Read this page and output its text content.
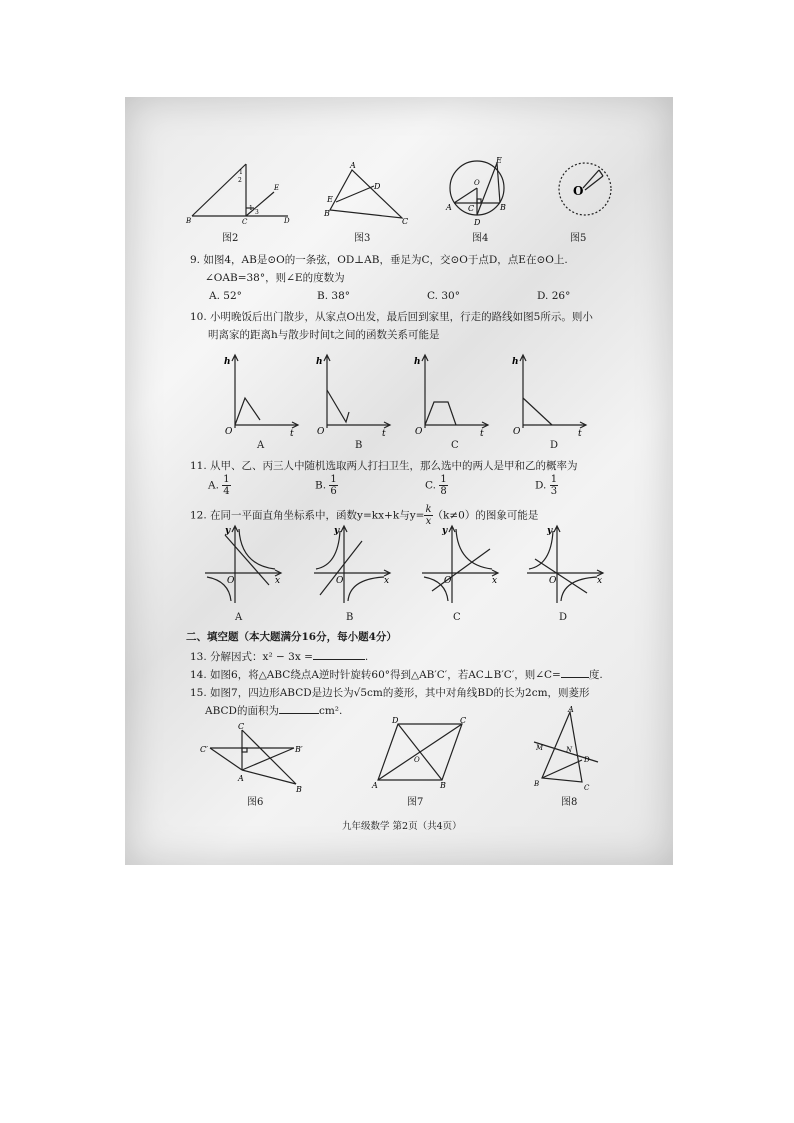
B	C	D
E
1
2
1
3
图2
A
B
C
E
D
图3
E
O
A C	B
D
图4
O
图5
9. 如图4，AB是⊙O的一条弦，OD⊥AB，垂足为C，交⊙O于点D，点E在⊙O上.
∠OAB=38°，则∠E的度数为
A. 52°	B. 38°	C. 30°	D. 26°
10. 小明晚饭后出门散步，从家点O出发，最后回到家里，行走的路线如图5所示。则小
明离家的距离h与散步时间t之间的函数关系可能是
h
O	t
A
h
O	t
B
h
O	t
C
h
O	t
D
11. 从甲、乙、丙三人中随机选取两人打扫卫生，那么选中的两人是甲和乙的概率为
A. $\frac{1}{4}$	B. $\frac{1}{6}$	C. $\frac{1}{8}$	D. $\frac{1}{3}$
12. 在同一平面直角坐标系中，函数y=kx+k与$y= \frac{k}{x} (k\ne 0)$的图象可能是
y
O	x
A
y
O	x
B
y
O	x
C
y
O	x
D
二、填空题（本大题满分16分，每小题4分）
13. 分解因式：x² − 3x =	.
14. 如图6，将△ABC绕点A逆时针旋转60°得到△AB′C′，若AC⊥B′C′，则∠C=	度.
15. 如图7，四边形ABCD是边长为√5cm的菱形，其中对角线BD的长为2cm，则菱形
ABCD的面积为	cm².
C
C′	B′
A
B
图6
D	C
A	B
O
图7
A
M	N
D
B	C
图8
九年级数学 第2页（共4页）
